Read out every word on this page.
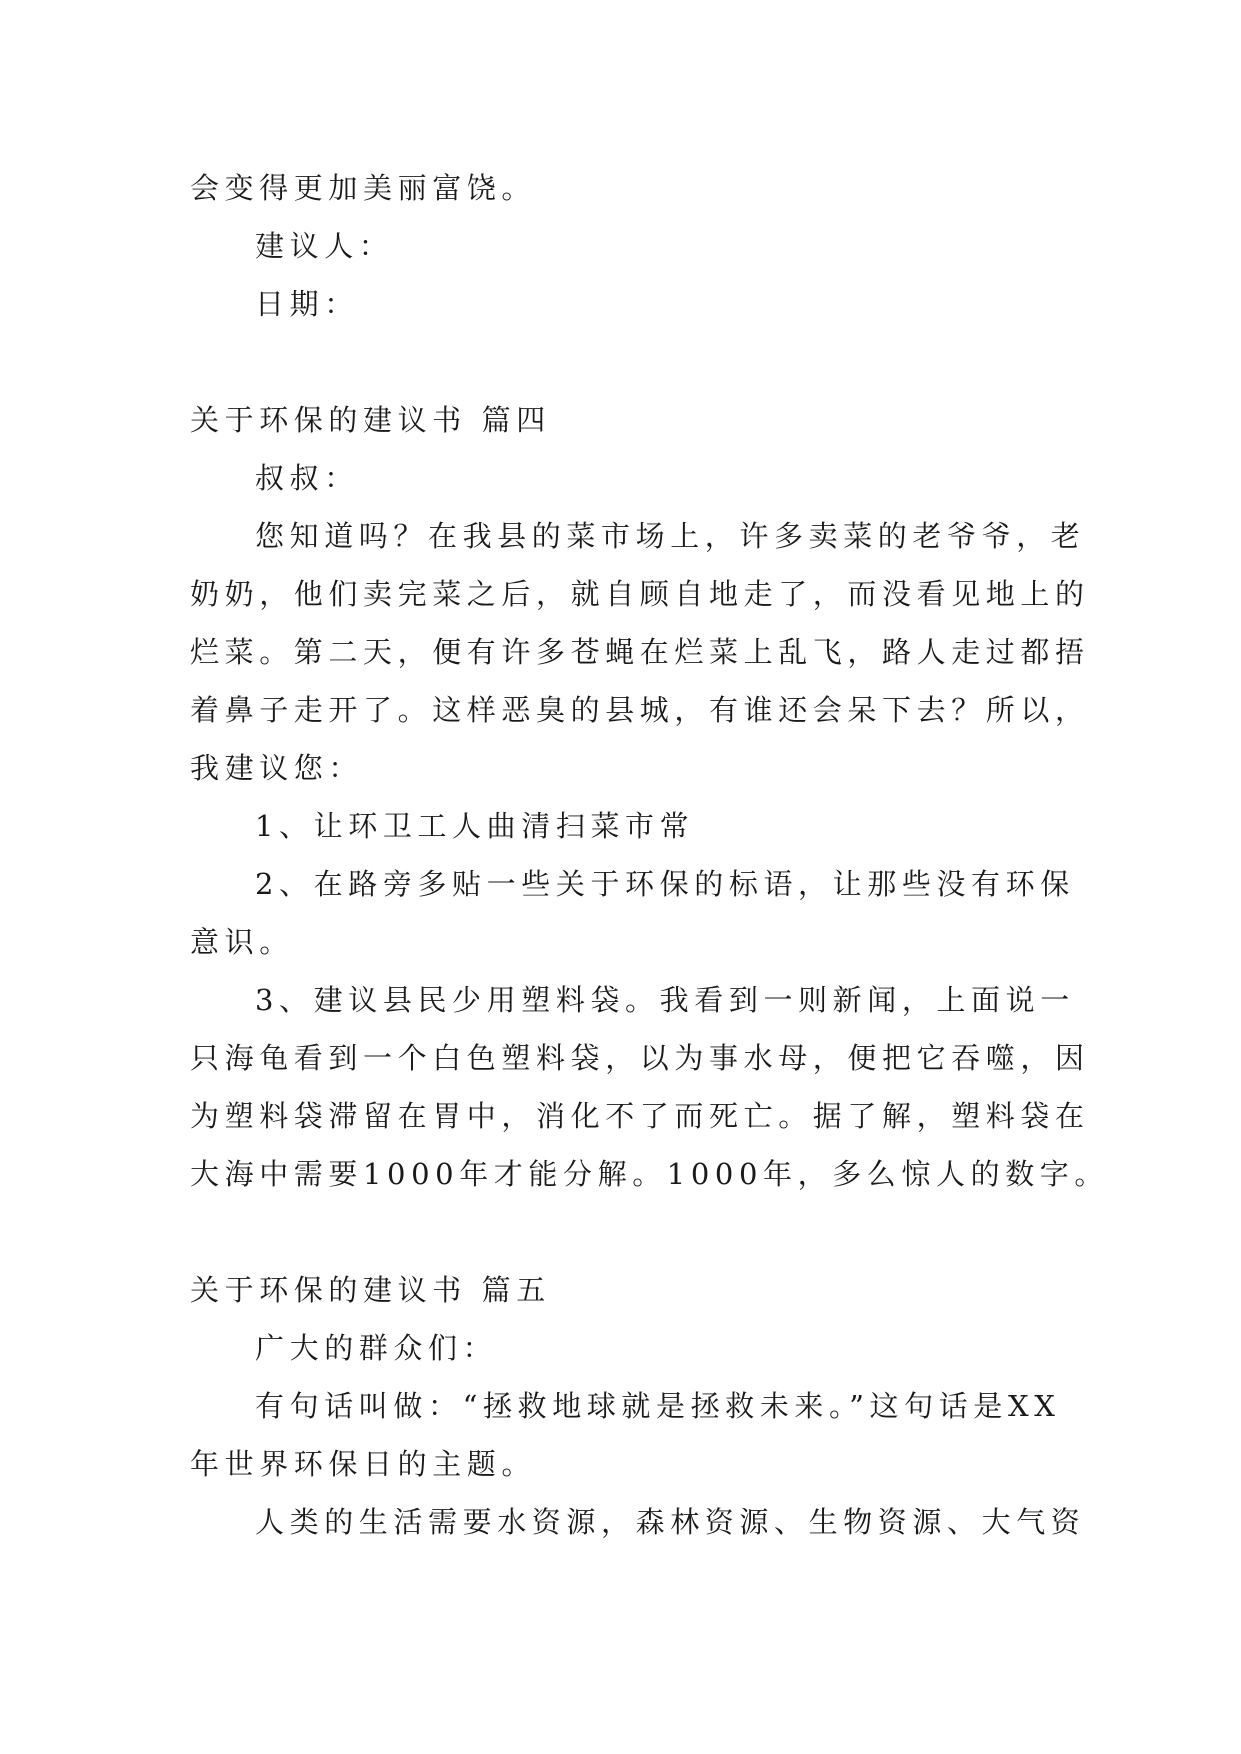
会变得更加美丽富饶。
建议人：
日期：
关于环保的建议书 篇四
叔叔：
您知道吗？在我县的菜市场上，许多卖菜的老爷爷，老
奶奶，他们卖完菜之后，就自顾自地走了，而没看见地上的
烂菜。第二天，便有许多苍蝇在烂菜上乱飞，路人走过都捂
着鼻子走开了。这样恶臭的县城，有谁还会呆下去？所以，
我建议您：
1、让环卫工人曲清扫菜市常
2、在路旁多贴一些关于环保的标语，让那些没有环保
意识。
3、建议县民少用塑料袋。我看到一则新闻，上面说一
只海龟看到一个白色塑料袋，以为事水母，便把它吞噬，因
为塑料袋滞留在胃中，消化不了而死亡。据了解，塑料袋在
大海中需要1000年才能分解。1000年，多么惊人的数字。
关于环保的建议书 篇五
广大的群众们：
有句话叫做：“拯救地球就是拯救未来。”这句话是XX
年世界环保日的主题。
人类的生活需要水资源，森林资源、生物资源、大气资
